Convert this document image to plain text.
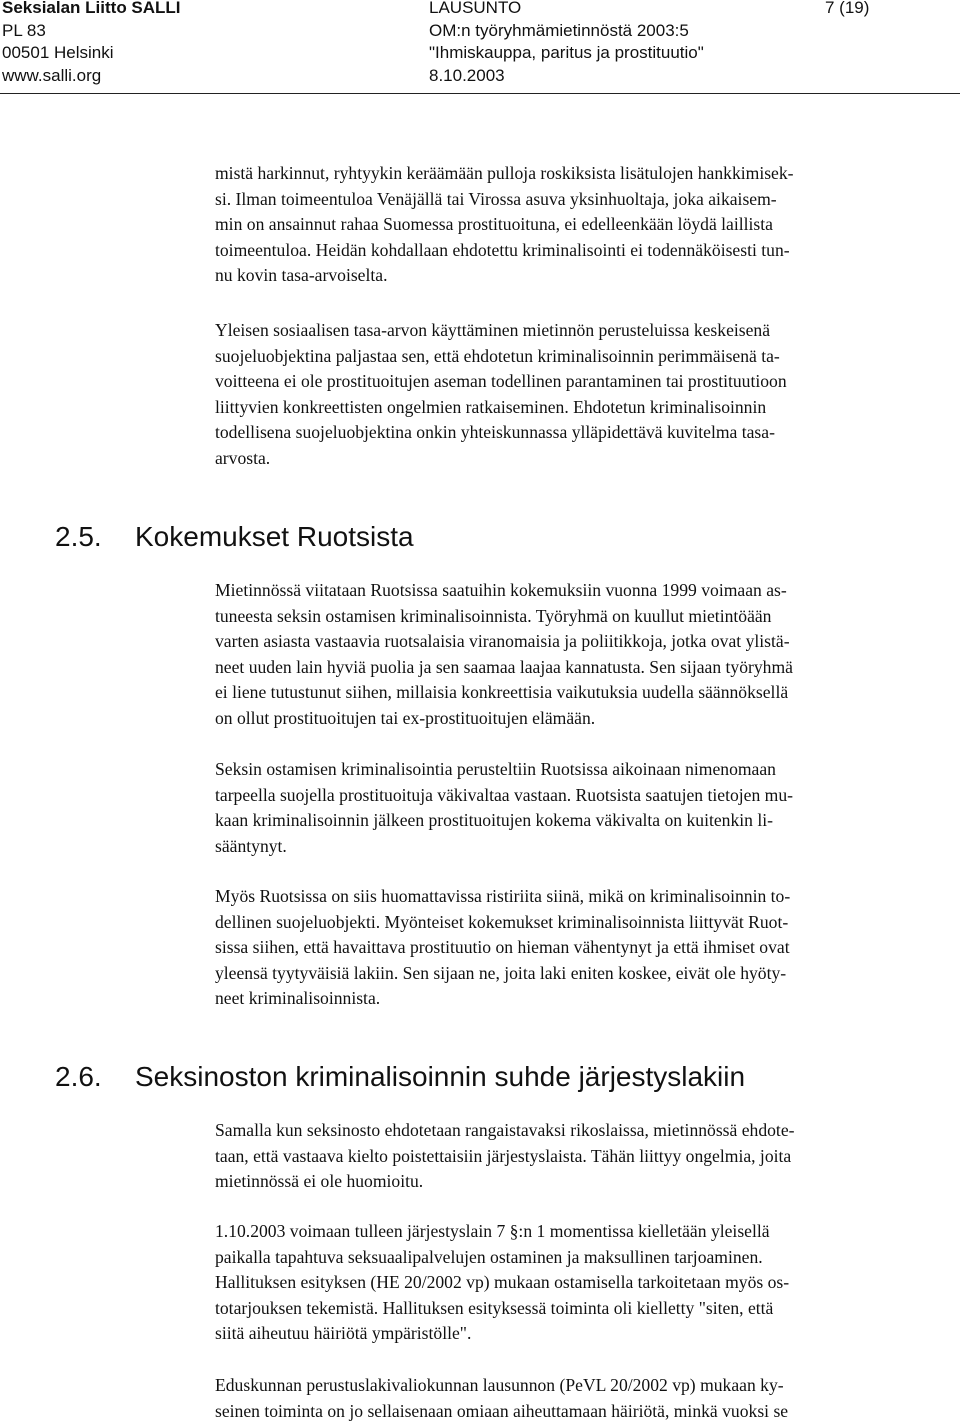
Seksialan Liitto SALLI
PL 83
00501 Helsinki
www.salli.org
LAUSUNTO
OM:n työryhmämietinnöstä 2003:5
"Ihmiskauppa, paritus ja prostituutio"
8.10.2003
7 (19)

mistä harkinnut, ryhtyykin keräämään pulloja roskiksista lisätulojen hankkimisek-
si. Ilman toimeentuloa Venäjällä tai Virossa asuva yksinhuoltaja, joka aikaisem-
min on ansainnut rahaa Suomessa prostituoituna, ei edelleenkään löydä laillista
toimeentuloa. Heidän kohdallaan ehdotettu kriminalisointi ei todennäköisesti tun-
nu kovin tasa-arvoiselta.

Yleisen sosiaalisen tasa-arvon käyttäminen mietinnön perusteluissa keskeisenä
suojeluobjektina paljastaa sen, että ehdotetun kriminalisoinnin perimmäisenä ta-
voitteena ei ole prostituoitujen aseman todellinen parantaminen tai prostituutioon
liittyvien konkreettisten ongelmien ratkaiseminen. Ehdotetun kriminalisoinnin
todellisena suojeluobjektina onkin yhteiskunnassa ylläpidettävä kuvitelma tasa-
arvosta.

2.5. Kokemukset Ruotsista

Mietinnössä viitataan Ruotsissa saatuihin kokemuksiin vuonna 1999 voimaan as-
tuneesta seksin ostamisen kriminalisoinnista. Työryhmä on kuullut mietintöään
varten asiasta vastaavia ruotsalaisia viranomaisia ja poliitikkoja, jotka ovat ylistä-
neet uuden lain hyviä puolia ja sen saamaa laajaa kannatusta. Sen sijaan työryhmä
ei liene tutustunut siihen, millaisia konkreettisia vaikutuksia uudella säännöksellä
on ollut prostituoitujen tai ex-prostituoitujen elämään.

Seksin ostamisen kriminalisointia perusteltiin Ruotsissa aikoinaan nimenomaan
tarpeella suojella prostituoituja väkivaltaa vastaan. Ruotsista saatujen tietojen mu-
kaan kriminalisoinnin jälkeen prostituoitujen kokema väkivalta on kuitenkin li-
sääntynyt.

Myös Ruotsissa on siis huomattavissa ristiriita siinä, mikä on kriminalisoinnin to-
dellinen suojeluobjekti. Myönteiset kokemukset kriminalisoinnista liittyvät Ruot-
sissa siihen, että havaittava prostituutio on hieman vähentynyt ja että ihmiset ovat
yleensä tyytyväisiä lakiin. Sen sijaan ne, joita laki eniten koskee, eivät ole hyöty-
neet kriminalisoinnista.

2.6. Seksinoston kriminalisoinnin suhde järjestyslakiin

Samalla kun seksinosto ehdotetaan rangaistavaksi rikoslaissa, mietinnössä ehdote-
taan, että vastaava kielto poistettaisiin järjestyslaista. Tähän liittyy ongelmia, joita
mietinnössä ei ole huomioitu.

1.10.2003 voimaan tulleen järjestyslain 7 §:n 1 momentissa kielletään yleisellä
paikalla tapahtuva seksuaalipalvelujen ostaminen ja maksullinen tarjoaminen.
Hallituksen esityksen (HE 20/2002 vp) mukaan ostamisella tarkoitetaan myös os-
totarjouksen tekemistä. Hallituksen esityksessä toiminta oli kielletty "siten, että
siitä aiheutuu häiriötä ympäristölle".

Eduskunnan perustuslakivaliokunnan lausunnon (PeVL 20/2002 vp) mukaan ky-
seinen toiminta on jo sellaisenaan omiaan aiheuttamaan häiriötä, minkä vuoksi se
